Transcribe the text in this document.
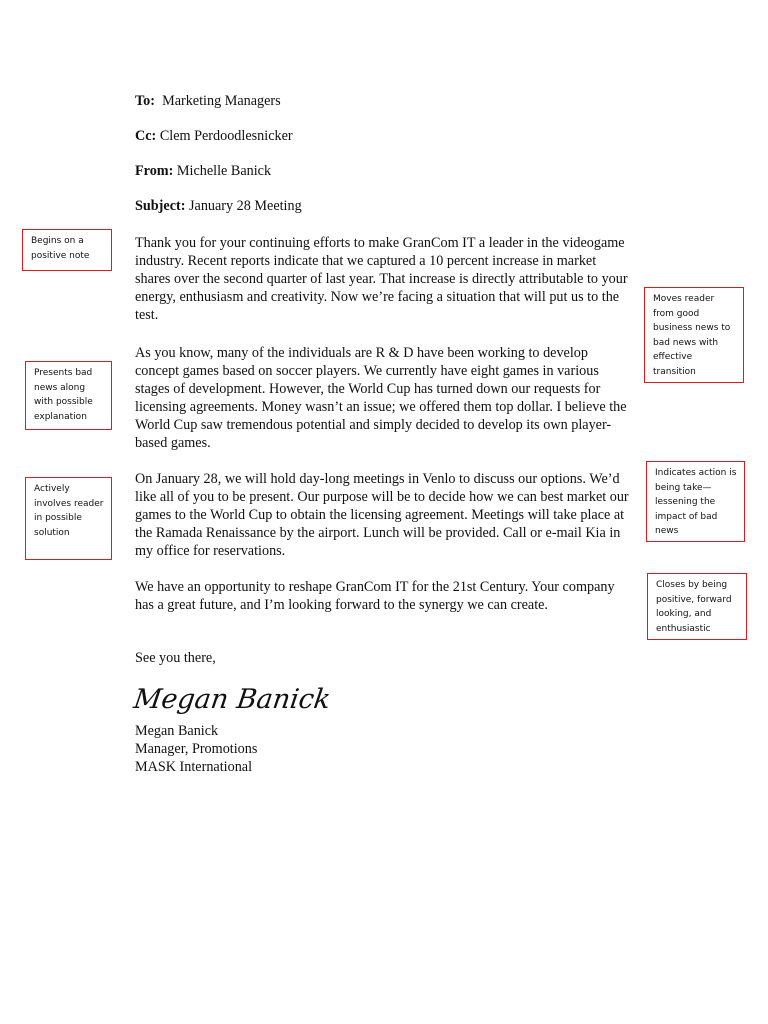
To: Marketing Managers
Cc: Clem Perdoodlesnicker
From: Michelle Banick
Subject: January 28 Meeting

Thank you for your continuing efforts to make GranCom IT a leader in the videogame industry. Recent reports indicate that we captured a 10 percent increase in market shares over the second quarter of last year. That increase is directly attributable to your energy, enthusiasm and creativity. Now we’re facing a situation that will put us to the test.

As you know, many of the individuals are R & D have been working to develop concept games based on soccer players. We currently have eight games in various stages of development. However, the World Cup has turned down our requests for licensing agreements. Money wasn’t an issue; we offered them top dollar. I believe the World Cup saw tremendous potential and simply decided to develop its own player-based games.

On January 28, we will hold day-long meetings in Venlo to discuss our options. We’d like all of you to be present. Our purpose will be to decide how we can best market our games to the World Cup to obtain the licensing agreement. Meetings will take place at the Ramada Renaissance by the airport. Lunch will be provided. Call or e-mail Kia in my office for reservations.

We have an opportunity to reshape GranCom IT for the 21st Century. Your company has a great future, and I’m looking forward to the synergy we can create.

See you there,
Megan Banick
Megan Banick
Manager, Promotions
MASK International
Begins on a positive note
Presents bad news along with possible explanation
Actively involves reader in possible solution
Moves reader from good business news to bad news with effective transition
Indicates action is being take—lessening the impact of bad news
Closes by being positive, forward looking, and enthusiastic
